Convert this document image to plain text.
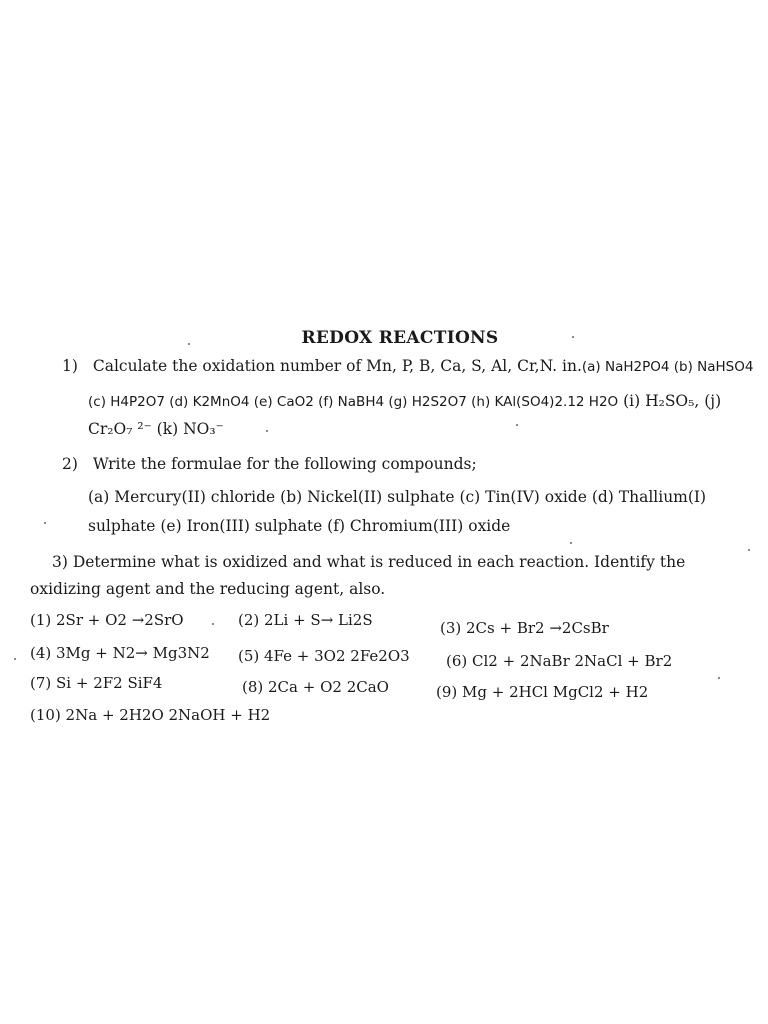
REDOX REACTIONS
1) Calculate the oxidation number of Mn, P, B, Ca, S, Al, Cr,N. in.(a) NaH2PO4 (b) NaHSO4
(c) H4P2O7 (d) K2MnO4 (e) CaO2 (f) NaBH4 (g) H2S2O7 (h) KAl(SO4)2.12 H2O (i) H₂SO₅, (j)
Cr₂O₇ ²⁻ (k) NO₃⁻
2) Write the formulae for the following compounds;
(a) Mercury(II) chloride (b) Nickel(II) sulphate (c) Tin(IV) oxide (d) Thallium(I)
sulphate (e) Iron(III) sulphate (f) Chromium(III) oxide
3) Determine what is oxidized and what is reduced in each reaction. Identify the
oxidizing agent and the reducing agent, also.
(1) 2Sr + O2 →2SrO	(2) 2Li + S→ Li2S	(3) 2Cs + Br2 →2CsBr
(4) 3Mg + N2→ Mg3N2 (5) 4Fe + 3O2 2Fe2O3 (6) Cl2 + 2NaBr 2NaCl + Br2
(7) Si + 2F2 SiF4	(8) 2Ca + O2 2CaO	(9) Mg + 2HCl MgCl2 + H2
(10) 2Na + 2H2O 2NaOH + H2
